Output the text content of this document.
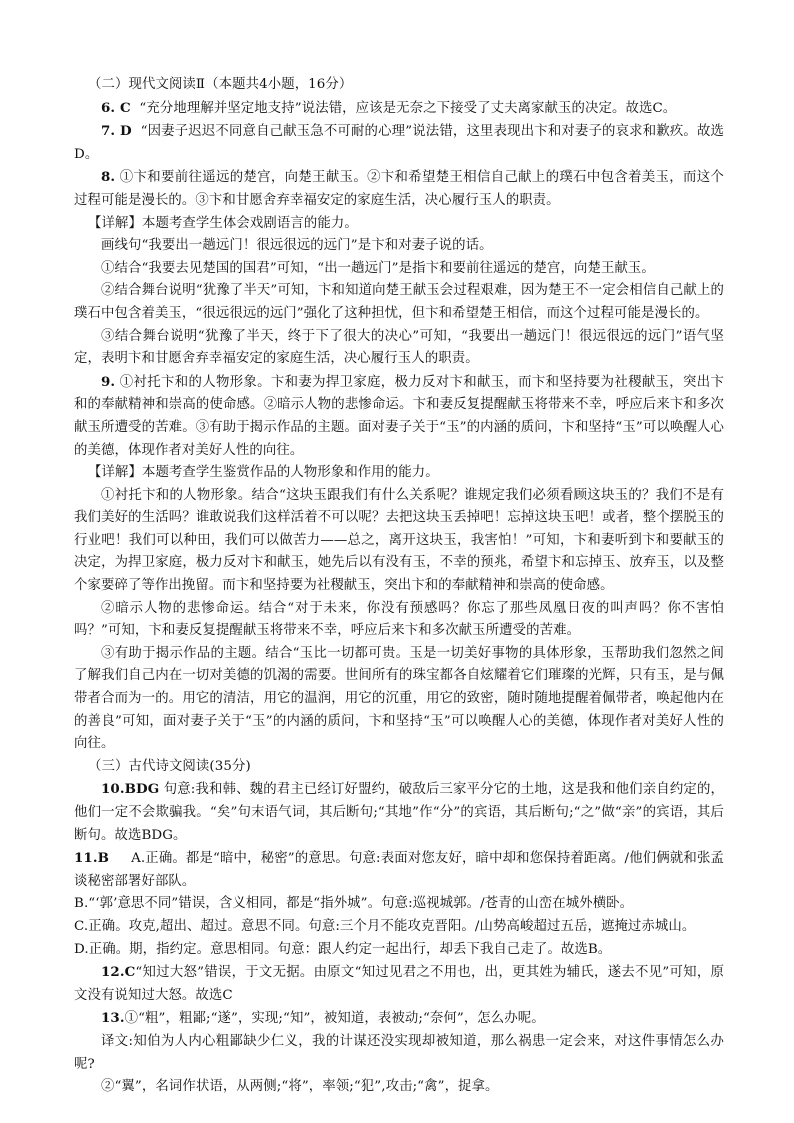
（二）现代文阅读Ⅱ（本题共4小题，16分）

6. C “充分地理解并坚定地支持”说法错，应该是无奈之下接受了丈夫离家献玉的决定。故选C。

7. D “因妻子迟迟不同意自己献玉急不可耐的心理”说法错，这里表现出卞和对妻子的哀求和歉疚。故选D。

8. ①卞和要前往遥远的楚宫，向楚王献玉。②卞和希望楚王相信自己献上的璞石中包含着美玉，而这个过程可能是漫长的。③卞和甘愿舍弃幸福安定的家庭生活，决心履行玉人的职责。

【详解】本题考查学生体会戏剧语言的能力。

画线句“我要出一趟远门！很远很远的远门”是卞和对妻子说的话。

①结合“我要去见楚国的国君”可知，“出一趟远门”是指卞和要前往遥远的楚宫，向楚王献玉。

②结合舞台说明“犹豫了半天”可知，卞和知道向楚王献玉会过程艰难，因为楚王不一定会相信自己献上的璞石中包含着美玉，“很远很远的远门”强化了这种担忧，但卞和希望楚王相信，而这个过程可能是漫长的。

③结合舞台说明“犹豫了半天，终于下了很大的决心”可知，“我要出一趟远门！很远很远的远门”语气坚定，表明卞和甘愿舍弃幸福安定的家庭生活，决心履行玉人的职责。

9. ①衬托卞和的人物形象。卞和妻为捍卫家庭，极力反对卞和献玉，而卞和坚持要为社稷献玉，突出卞和的奉献精神和崇高的使命感。②暗示人物的悲惨命运。卞和妻反复提醒献玉将带来不幸，呼应后来卞和多次献玉所遭受的苦难。③有助于揭示作品的主题。面对妻子关于“玉”的内涵的质问，卞和坚持“玉”可以唤醒人心的美德，体现作者对美好人性的向往。

【详解】本题考查学生鉴赏作品的人物形象和作用的能力。

①衬托卞和的人物形象。结合“这块玉跟我们有什么关系呢？谁规定我们必须看顾这块玉的？我们不是有我们美好的生活吗？谁敢说我们这样活着不可以呢？去把这块玉丢掉吧！忘掉这块玉吧！或者，整个摆脱玉的行业吧！我们可以种田，我们可以做苦力——总之，离开这块玉，我害怕！”可知，卞和妻听到卞和要献玉的决定，为捍卫家庭，极力反对卞和献玉，她先后以有没有玉，不幸的预兆，希望卞和忘掉玉、放弃玉，以及整个家要碎了等作出挽留。而卞和坚持要为社稷献玉，突出卞和的奉献精神和崇高的使命感。

②暗示人物的悲惨命运。结合“对于未来，你没有预感吗？你忘了那些凤凰日夜的叫声吗？你不害怕吗？”可知，卞和妻反复提醒献玉将带来不幸，呼应后来卞和多次献玉所遭受的苦难。

③有助于揭示作品的主题。结合“玉比一切都可贵。玉是一切美好事物的具体形象，玉帮助我们忽然之间了解我们自己内在一切对美德的饥渴的需要。世间所有的珠宝都各自炫耀着它们璀璨的光辉，只有玉，是与佩带者合而为一的。用它的清洁，用它的温润，用它的沉重，用它的致密，随时随地提醒着佩带者，唤起他内在的善良”可知，面对妻子关于“玉”的内涵的质问，卞和坚持“玉”可以唤醒人心的美德，体现作者对美好人性的向往。

（三）古代诗文阅读(35分)

10.BDG 句意:我和韩、魏的君主已经订好盟约，破敌后三家平分它的土地，这是我和他们亲自约定的，他们一定不会欺骗我。“矣”句末语气词，其后断句;“其地”作“分”的宾语，其后断句;“之”做“亲”的宾语，其后断句。故选BDG。

11.B A.正确。都是“暗中，秘密”的意思。句意:表面对您友好，暗中却和您保持着距离。/他们俩就和张孟谈秘密部署好部队。

B.“‘郭’意思不同”错误，含义相同，都是“指外城”。句意:巡视城郭。/苍青的山峦在城外横卧。

C.正确。攻克,超出、超过。意思不同。句意:三个月不能攻克晋阳。/山势高峻超过五岳，遮掩过赤城山。

D.正确。期，指约定。意思相同。句意：跟人约定一起出行，却丢下我自己走了。故选B。

12.C“知过大怒”错误，于文无据。由原文“知过见君之不用也，出，更其姓为辅氏，遂去不见”可知，原文没有说知过大怒。故选C

13.①“粗”，粗鄙;“遂”，实现;“知”，被知道，表被动;“奈何”，怎么办呢。

译文:知伯为人内心粗鄙缺少仁义，我的计谋还没实现却被知道，那么祸患一定会来，对这件事情怎么办呢?

②“翼”，名词作状语，从两侧;“将”，率领;“犯”,攻击;“禽”，捉拿。
